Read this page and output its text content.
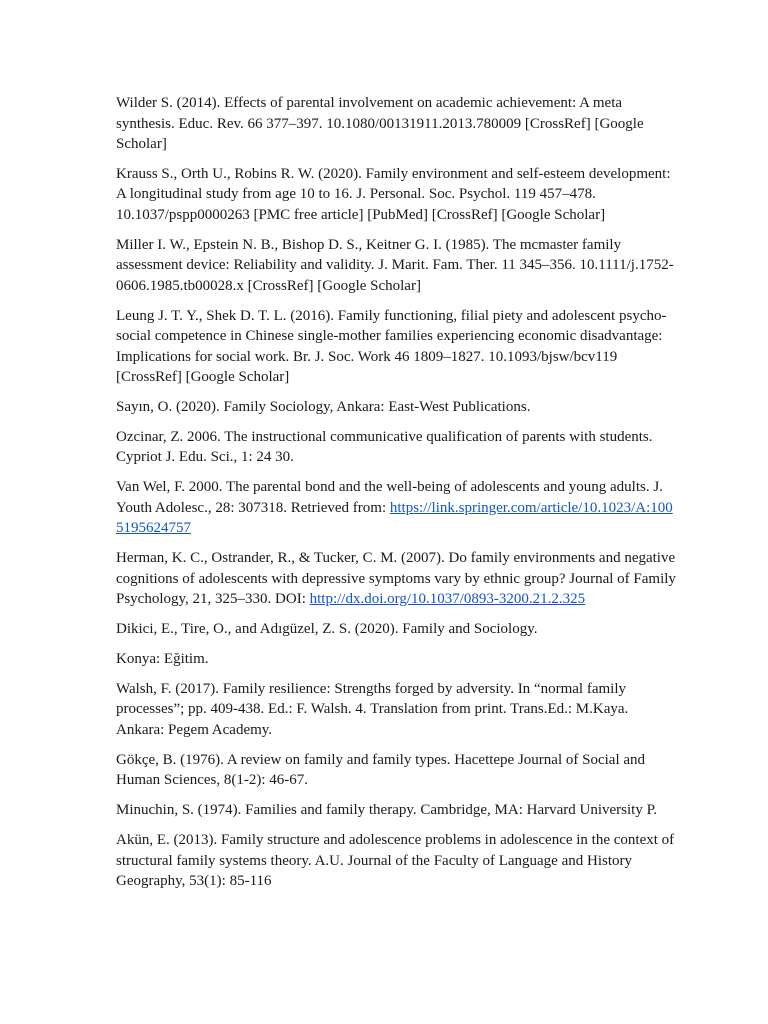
Wilder S. (2014). Effects of parental involvement on academic achievement: A meta synthesis. Educ. Rev. 66 377–397. 10.1080/00131911.2013.780009 [CrossRef] [Google Scholar]

Krauss S., Orth U., Robins R. W. (2020). Family environment and self-esteem development: A longitudinal study from age 10 to 16. J. Personal. Soc. Psychol. 119 457–478. 10.1037/pspp0000263 [PMC free article] [PubMed] [CrossRef] [Google Scholar]

Miller I. W., Epstein N. B., Bishop D. S., Keitner G. I. (1985). The mcmaster family assessment device: Reliability and validity. J. Marit. Fam. Ther. 11 345–356. 10.1111/j.1752-0606.1985.tb00028.x [CrossRef] [Google Scholar]

Leung J. T. Y., Shek D. T. L. (2016). Family functioning, filial piety and adolescent psycho-social competence in Chinese single-mother families experiencing economic disadvantage: Implications for social work. Br. J. Soc. Work 46 1809–1827. 10.1093/bjsw/bcv119 [CrossRef] [Google Scholar]

Sayın, O. (2020). Family Sociology, Ankara: East-West Publications.

Ozcinar, Z. 2006. The instructional communicative qualification of parents with students. Cypriot J. Edu. Sci., 1: 24 30.

Van Wel, F. 2000. The parental bond and the well-being of adolescents and young adults. J. Youth Adolesc., 28: 307318. Retrieved from: https://link.springer.com/article/10.1023/A:1005195624757

Herman, K. C., Ostrander, R., & Tucker, C. M. (2007). Do family environments and negative cognitions of adolescents with depressive symptoms vary by ethnic group? Journal of Family Psychology, 21, 325–330. DOI: http://dx.doi.org/10.1037/0893-3200.21.2.325

Dikici, E., Tire, O., and Adıgüzel, Z. S. (2020). Family and Sociology.

Konya: Eğitim.

Walsh, F. (2017). Family resilience: Strengths forged by adversity. In “normal family processes”; pp. 409-438. Ed.: F. Walsh. 4. Translation from print. Trans.Ed.: M.Kaya. Ankara: Pegem Academy.

Gökçe, B. (1976). A review on family and family types. Hacettepe Journal of Social and Human Sciences, 8(1-2): 46-67.

Minuchin, S. (1974). Families and family therapy. Cambridge, MA: Harvard University P.

Akün, E. (2013). Family structure and adolescence problems in adolescence in the context of structural family systems theory. A.U. Journal of the Faculty of Language and History Geography, 53(1): 85-116
